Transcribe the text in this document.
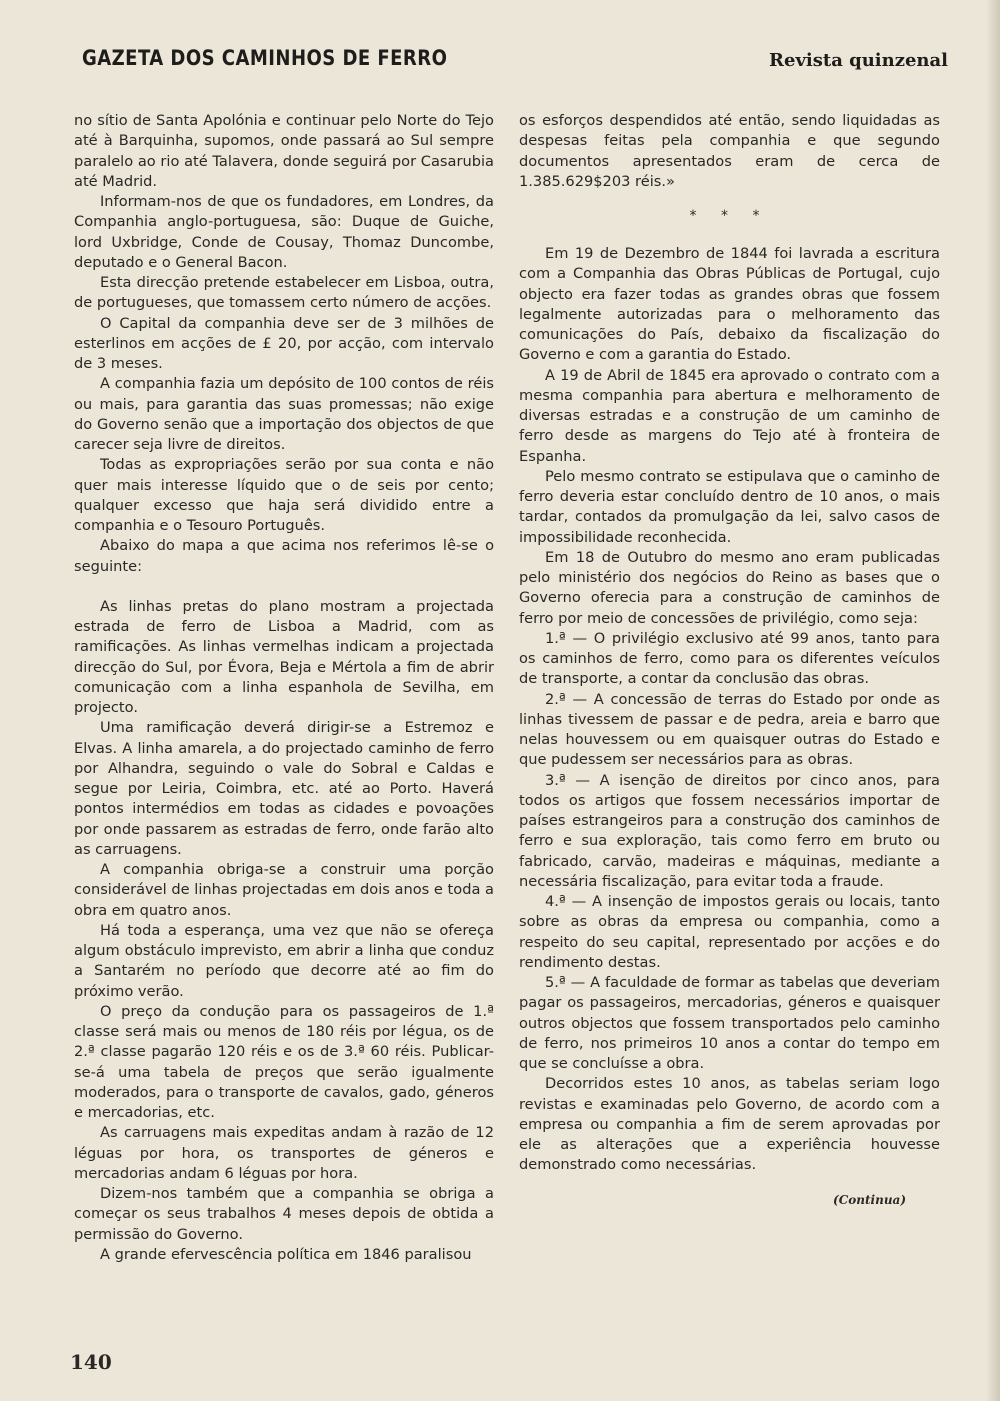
GAZETA DOS CAMINHOS DE FERRO	Revista quinzenal

no sítio de Santa Apolónia e continuar pelo Norte do Tejo até à Barquinha, supomos, onde passará ao Sul sempre paralelo ao rio até Talavera, donde seguirá por Casarubia até Madrid.

Informam-nos de que os fundadores, em Londres, da Companhia anglo-portuguesa, são: Duque de Guiche, lord Uxbridge, Conde de Cousay, Thomaz Duncombe, deputado e o General Bacon.

Esta direcção pretende estabelecer em Lisboa, outra, de portugueses, que tomassem certo número de acções.

O Capital da companhia deve ser de 3 milhões de esterlinos em acções de £ 20, por acção, com intervalo de 3 meses.

A companhia fazia um depósito de 100 contos de réis ou mais, para garantia das suas promessas; não exige do Governo senão que a importação dos objectos de que carecer seja livre de direitos.

Todas as expropriações serão por sua conta e não quer mais interesse líquido que o de seis por cento; qualquer excesso que haja será dividido entre a companhia e o Tesouro Português.

Abaixo do mapa a que acima nos referimos lê-se o seguinte:

As linhas pretas do plano mostram a projectada estrada de ferro de Lisboa a Madrid, com as ramificações. As linhas vermelhas indicam a projectada direcção do Sul, por Évora, Beja e Mértola a fim de abrir comunicação com a linha espanhola de Sevilha, em projecto.

Uma ramificação deverá dirigir-se a Estremoz e Elvas. A linha amarela, a do projectado caminho de ferro por Alhandra, seguindo o vale do Sobral e Caldas e segue por Leiria, Coimbra, etc. até ao Porto. Haverá pontos intermédios em todas as cidades e povoações por onde passarem as estradas de ferro, onde farão alto as carruagens.

A companhia obriga-se a construir uma porção considerável de linhas projectadas em dois anos e toda a obra em quatro anos.

Há toda a esperança, uma vez que não se ofereça algum obstáculo imprevisto, em abrir a linha que conduz a Santarém no período que decorre até ao fim do próximo verão.

O preço da condução para os passageiros de 1.ª classe será mais ou menos de 180 réis por légua, os de 2.ª classe pagarão 120 réis e os de 3.ª 60 réis. Publicar-se-á uma tabela de preços que serão igualmente moderados, para o transporte de cavalos, gado, géneros e mercadorias, etc.

As carruagens mais expeditas andam à razão de 12 léguas por hora, os transportes de géneros e mercadorias andam 6 léguas por hora.

Dizem-nos também que a companhia se obriga a começar os seus trabalhos 4 meses depois de obtida a permissão do Governo.

A grande efervescência política em 1846 paralisou

os esforços despendidos até então, sendo liquidadas as despesas feitas pela companhia e que segundo documentos apresentados eram de cerca de 1.385.629$203 réis.»

* * *

Em 19 de Dezembro de 1844 foi lavrada a escritura com a Companhia das Obras Públicas de Portugal, cujo objecto era fazer todas as grandes obras que fossem legalmente autorizadas para o melhoramento das comunicações do País, debaixo da fiscalização do Governo e com a garantia do Estado.

A 19 de Abril de 1845 era aprovado o contrato com a mesma companhia para abertura e melhoramento de diversas estradas e a construção de um caminho de ferro desde as margens do Tejo até à fronteira de Espanha.

Pelo mesmo contrato se estipulava que o caminho de ferro deveria estar concluído dentro de 10 anos, o mais tardar, contados da promulgação da lei, salvo casos de impossibilidade reconhecida.

Em 18 de Outubro do mesmo ano eram publicadas pelo ministério dos negócios do Reino as bases que o Governo oferecia para a construção de caminhos de ferro por meio de concessões de privilégio, como seja:

1.ª — O privilégio exclusivo até 99 anos, tanto para os caminhos de ferro, como para os diferentes veículos de transporte, a contar da conclusão das obras.

2.ª — A concessão de terras do Estado por onde as linhas tivessem de passar e de pedra, areia e barro que nelas houvessem ou em quaisquer outras do Estado e que pudessem ser necessários para as obras.

3.ª — A isenção de direitos por cinco anos, para todos os artigos que fossem necessários importar de países estrangeiros para a construção dos caminhos de ferro e sua exploração, tais como ferro em bruto ou fabricado, carvão, madeiras e máquinas, mediante a necessária fiscalização, para evitar toda a fraude.

4.ª — A insenção de impostos gerais ou locais, tanto sobre as obras da empresa ou companhia, como a respeito do seu capital, representado por acções e do rendimento destas.

5.ª — A faculdade de formar as tabelas que deveriam pagar os passageiros, mercadorias, géneros e quaisquer outros objectos que fossem transportados pelo caminho de ferro, nos primeiros 10 anos a contar do tempo em que se concluísse a obra.

Decorridos estes 10 anos, as tabelas seriam logo revistas e examinadas pelo Governo, de acordo com a empresa ou companhia a fim de serem aprovadas por ele as alterações que a experiência houvesse demonstrado como necessárias.

(Continua)
140
